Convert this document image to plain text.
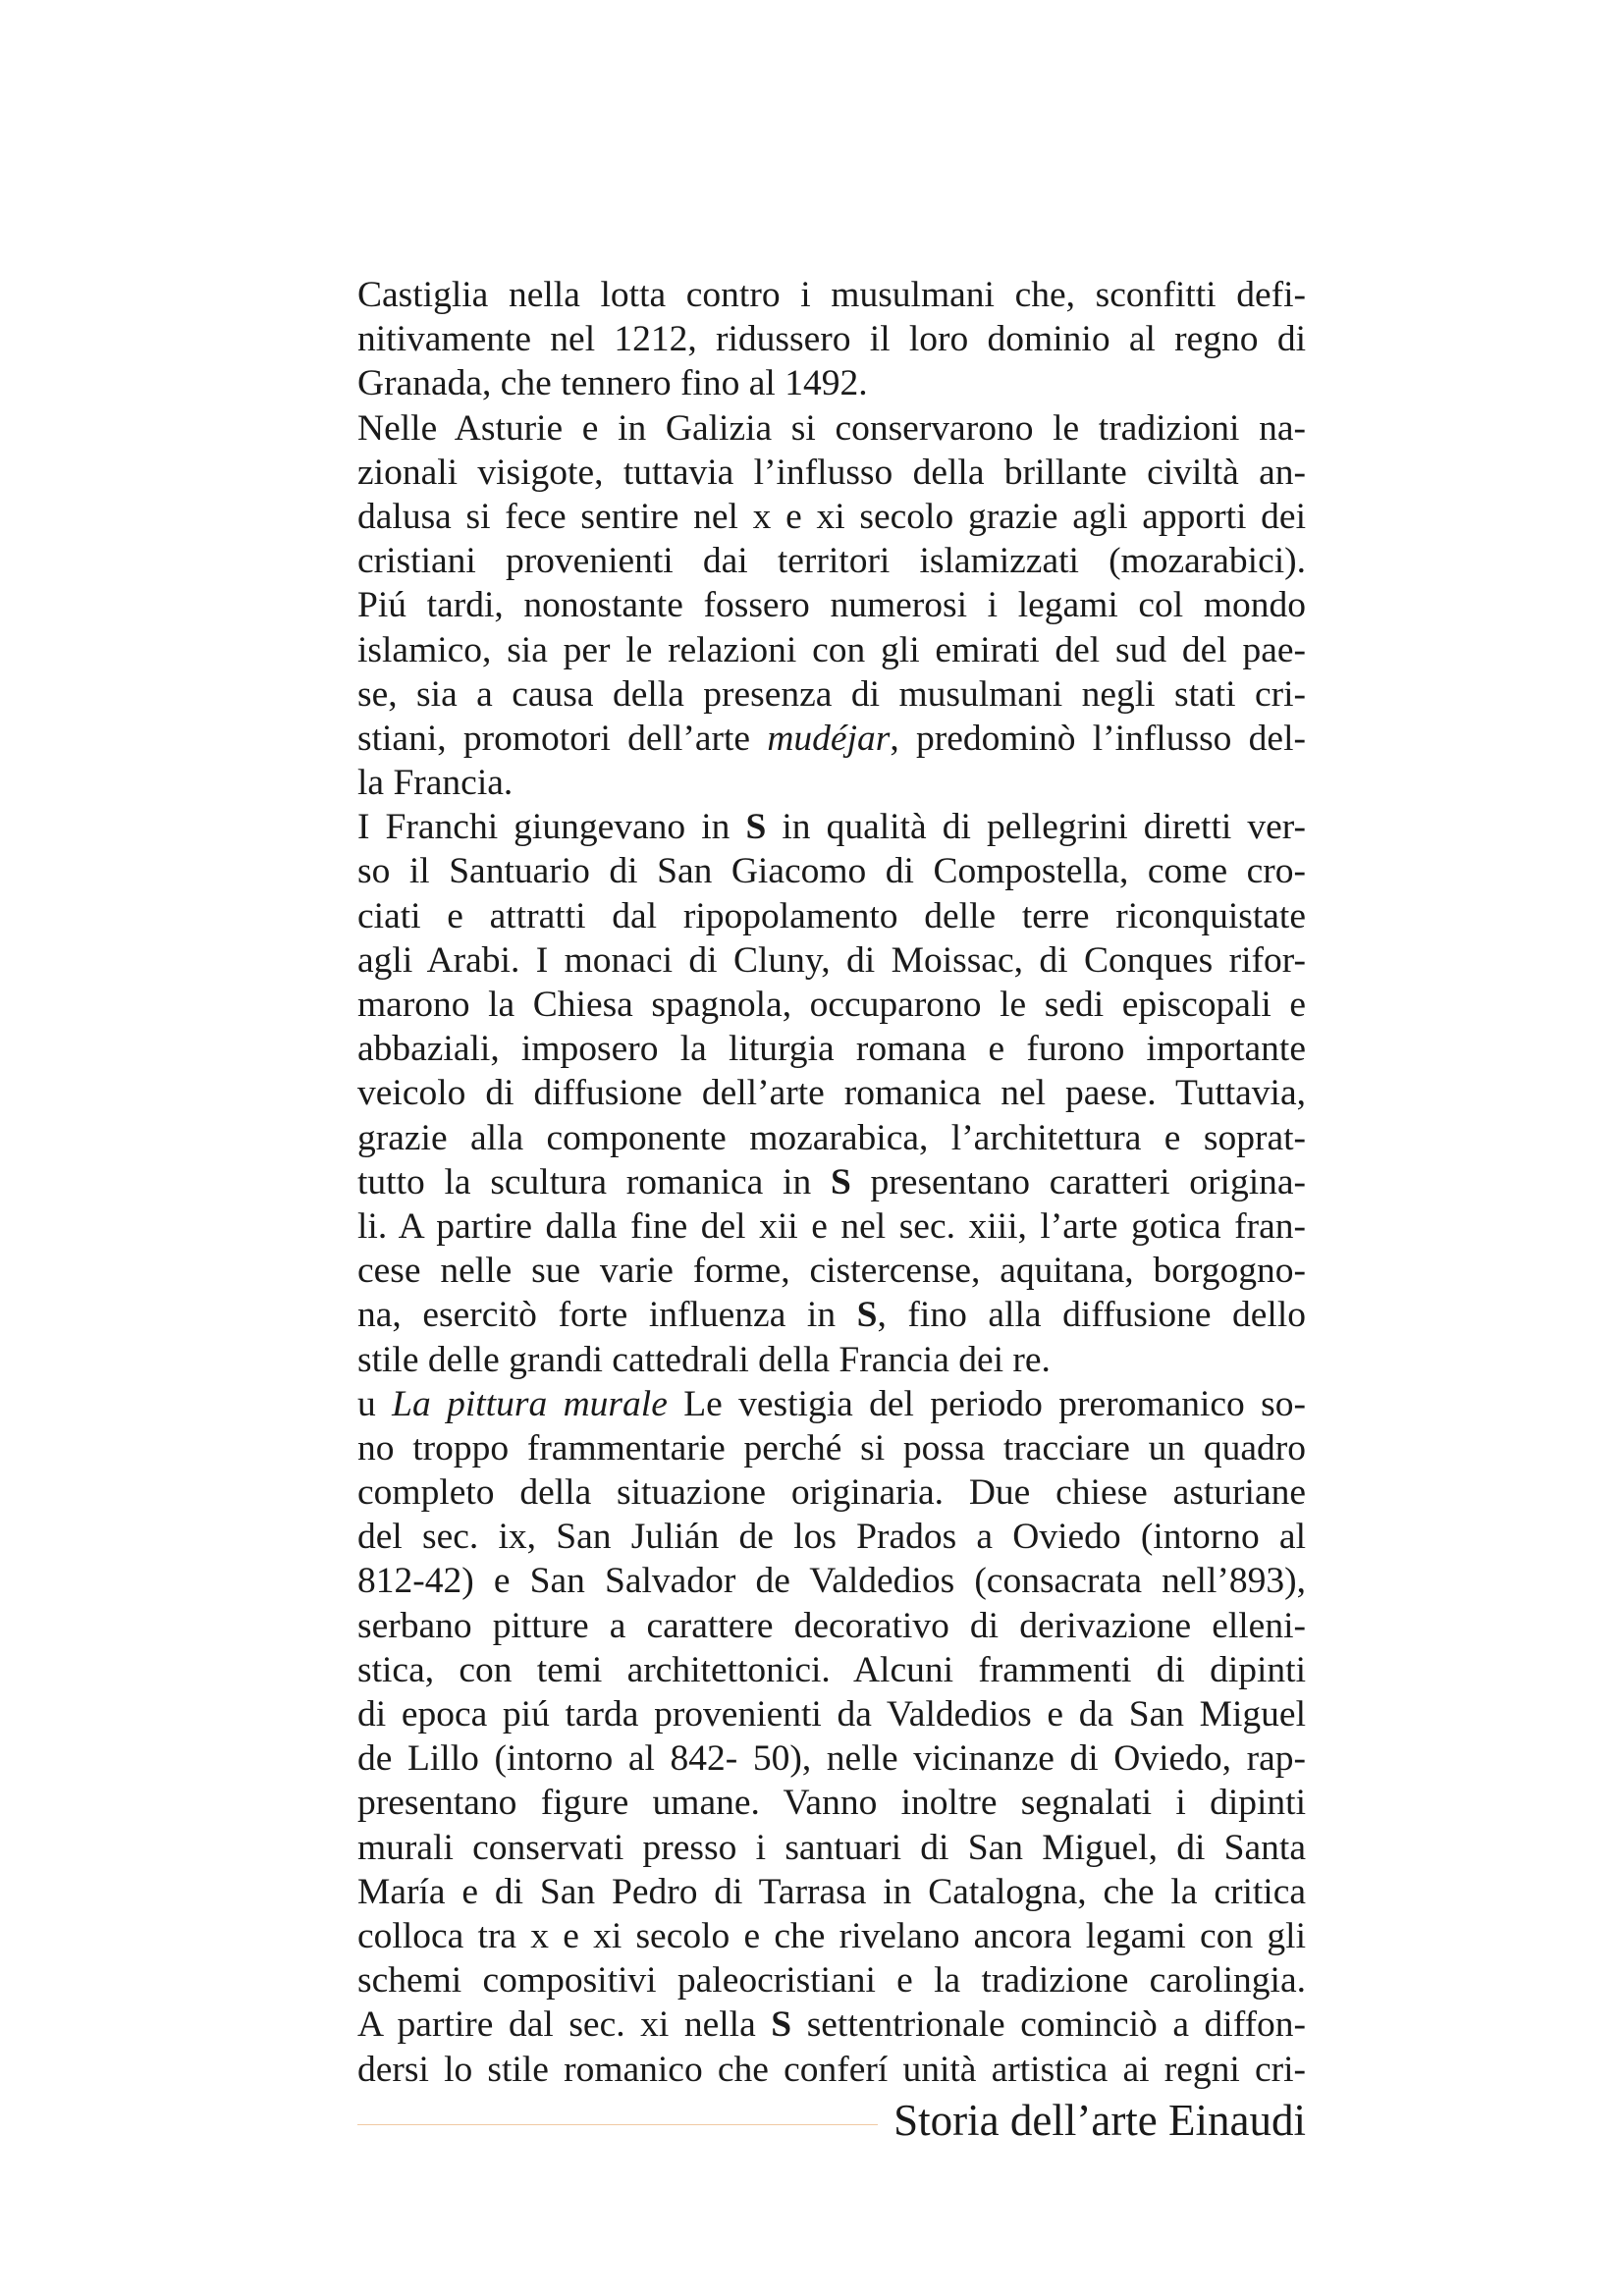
Castiglia nella lotta contro i musulmani che, sconfitti defi-
nitivamente nel 1212, ridussero il loro dominio al regno di
Granada, che tennero fino al 1492.
Nelle Asturie e in Galizia si conservarono le tradizioni na-
zionali visigote, tuttavia l’influsso della brillante civiltà an-
dalusa si fece sentire nel x e xi secolo grazie agli apporti dei
cristiani provenienti dai territori islamizzati (mozarabici).
Piú tardi, nonostante fossero numerosi i legami col mondo
islamico, sia per le relazioni con gli emirati del sud del pae-
se, sia a causa della presenza di musulmani negli stati cri-
stiani, promotori dell’arte mudéjar, predominò l’influsso del-
la Francia.
I Franchi giungevano in S in qualità di pellegrini diretti ver-
so il Santuario di San Giacomo di Compostella, come cro-
ciati e attratti dal ripopolamento delle terre riconquistate
agli Arabi. I monaci di Cluny, di Moissac, di Conques rifor-
marono la Chiesa spagnola, occuparono le sedi episcopali e
abbaziali, imposero la liturgia romana e furono importante
veicolo di diffusione dell’arte romanica nel paese. Tuttavia,
grazie alla componente mozarabica, l’architettura e soprat-
tutto la scultura romanica in S presentano caratteri origina-
li. A partire dalla fine del xii e nel sec. xiii, l’arte gotica fran-
cese nelle sue varie forme, cistercense, aquitana, borgogno-
na, esercitò forte influenza in S, fino alla diffusione dello
stile delle grandi cattedrali della Francia dei re.
u La pittura murale Le vestigia del periodo preromanico so-
no troppo frammentarie perché si possa tracciare un quadro
completo della situazione originaria. Due chiese asturiane
del sec. ix, San Julián de los Prados a Oviedo (intorno al
812-42) e San Salvador de Valdedios (consacrata nell’893),
serbano pitture a carattere decorativo di derivazione elleni-
stica, con temi architettonici. Alcuni frammenti di dipinti
di epoca piú tarda provenienti da Valdedios e da San Miguel
de Lillo (intorno al 842- 50), nelle vicinanze di Oviedo, rap-
presentano figure umane. Vanno inoltre segnalati i dipinti
murali conservati presso i santuari di San Miguel, di Santa
María e di San Pedro di Tarrasa in Catalogna, che la critica
colloca tra x e xi secolo e che rivelano ancora legami con gli
schemi compositivi paleocristiani e la tradizione carolingia.
A partire dal sec. xi nella S settentrionale cominciò a diffon-
dersi lo stile romanico che conferí unità artistica ai regni cri-
Storia dell’arte Einaudi
